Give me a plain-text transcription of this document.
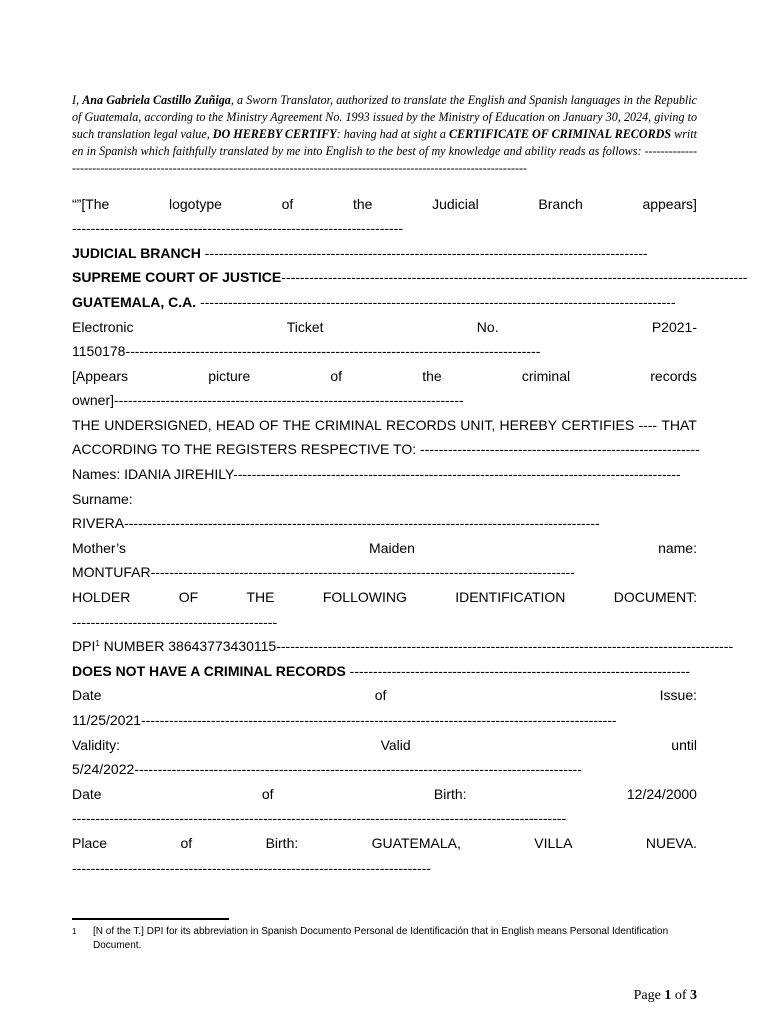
I, Ana Gabriela Castillo Zuñiga, a Sworn Translator, authorized to translate the English and Spanish languages in the Republic of Guatemala, according to the Ministry Agreement No. 1993 issued by the Ministry of Education on January 30, 2024, giving to such translation legal value, DO HEREBY CERTIFY: having had at sight a CERTIFICATE OF CRIMINAL RECORDS written in Spanish which faithfully translated by me into English to the best of my knowledge and ability reads as follows: ------------------------------------------------------------------------------------------------------------------------------

“”[The	logotype	of	the	Judicial	Branch	appears]
-----------------------------------------------------------------------
JUDICIAL BRANCH -----------------------------------------------------------------------------------------------
SUPREME COURT OF JUSTICE----------------------------------------------------------------------------------------------------
GUATEMALA, C.A. ------------------------------------------------------------------------------------------------------
Electronic	Ticket	No.	P2021-
1150178-----------------------------------------------------------------------------------------
[Appears	picture	of	the	criminal	records
owner]---------------------------------------------------------------------------
THE UNDERSIGNED, HEAD OF THE CRIMINAL RECORDS UNIT, HEREBY CERTIFIES ---- THAT
ACCORDING TO THE REGISTERS RESPECTIVE TO: ------------------------------------------------------------
Names: IDANIA JIREHILY------------------------------------------------------------------------------------------------
Surname:
RIVERA------------------------------------------------------------------------------------------------------
Mother’s	Maiden	name:
MONTUFAR-------------------------------------------------------------------------------------------
HOLDER	OF	THE	FOLLOWING	IDENTIFICATION	DOCUMENT:
--------------------------------------------
DPI$^1$ NUMBER 38643773430115--------------------------------------------------------------------------------------------------
DOES NOT HAVE A CRIMINAL RECORDS -------------------------------------------------------------------------
Date	of	Issue:
11/25/2021------------------------------------------------------------------------------------------------------
Validity:	Valid	until
5/24/2022------------------------------------------------------------------------------------------------
Date	of	Birth:	12/24/2000
----------------------------------------------------------------------------------------------------------
Place	of	Birth:	GUATEMALA,	VILLA	NUEVA.
-----------------------------------------------------------------------------
1	[N of the T.] DPI for its abbreviation in Spanish Documento Personal de Identificación that in English means Personal Identification Document.
Page 1 of 3
